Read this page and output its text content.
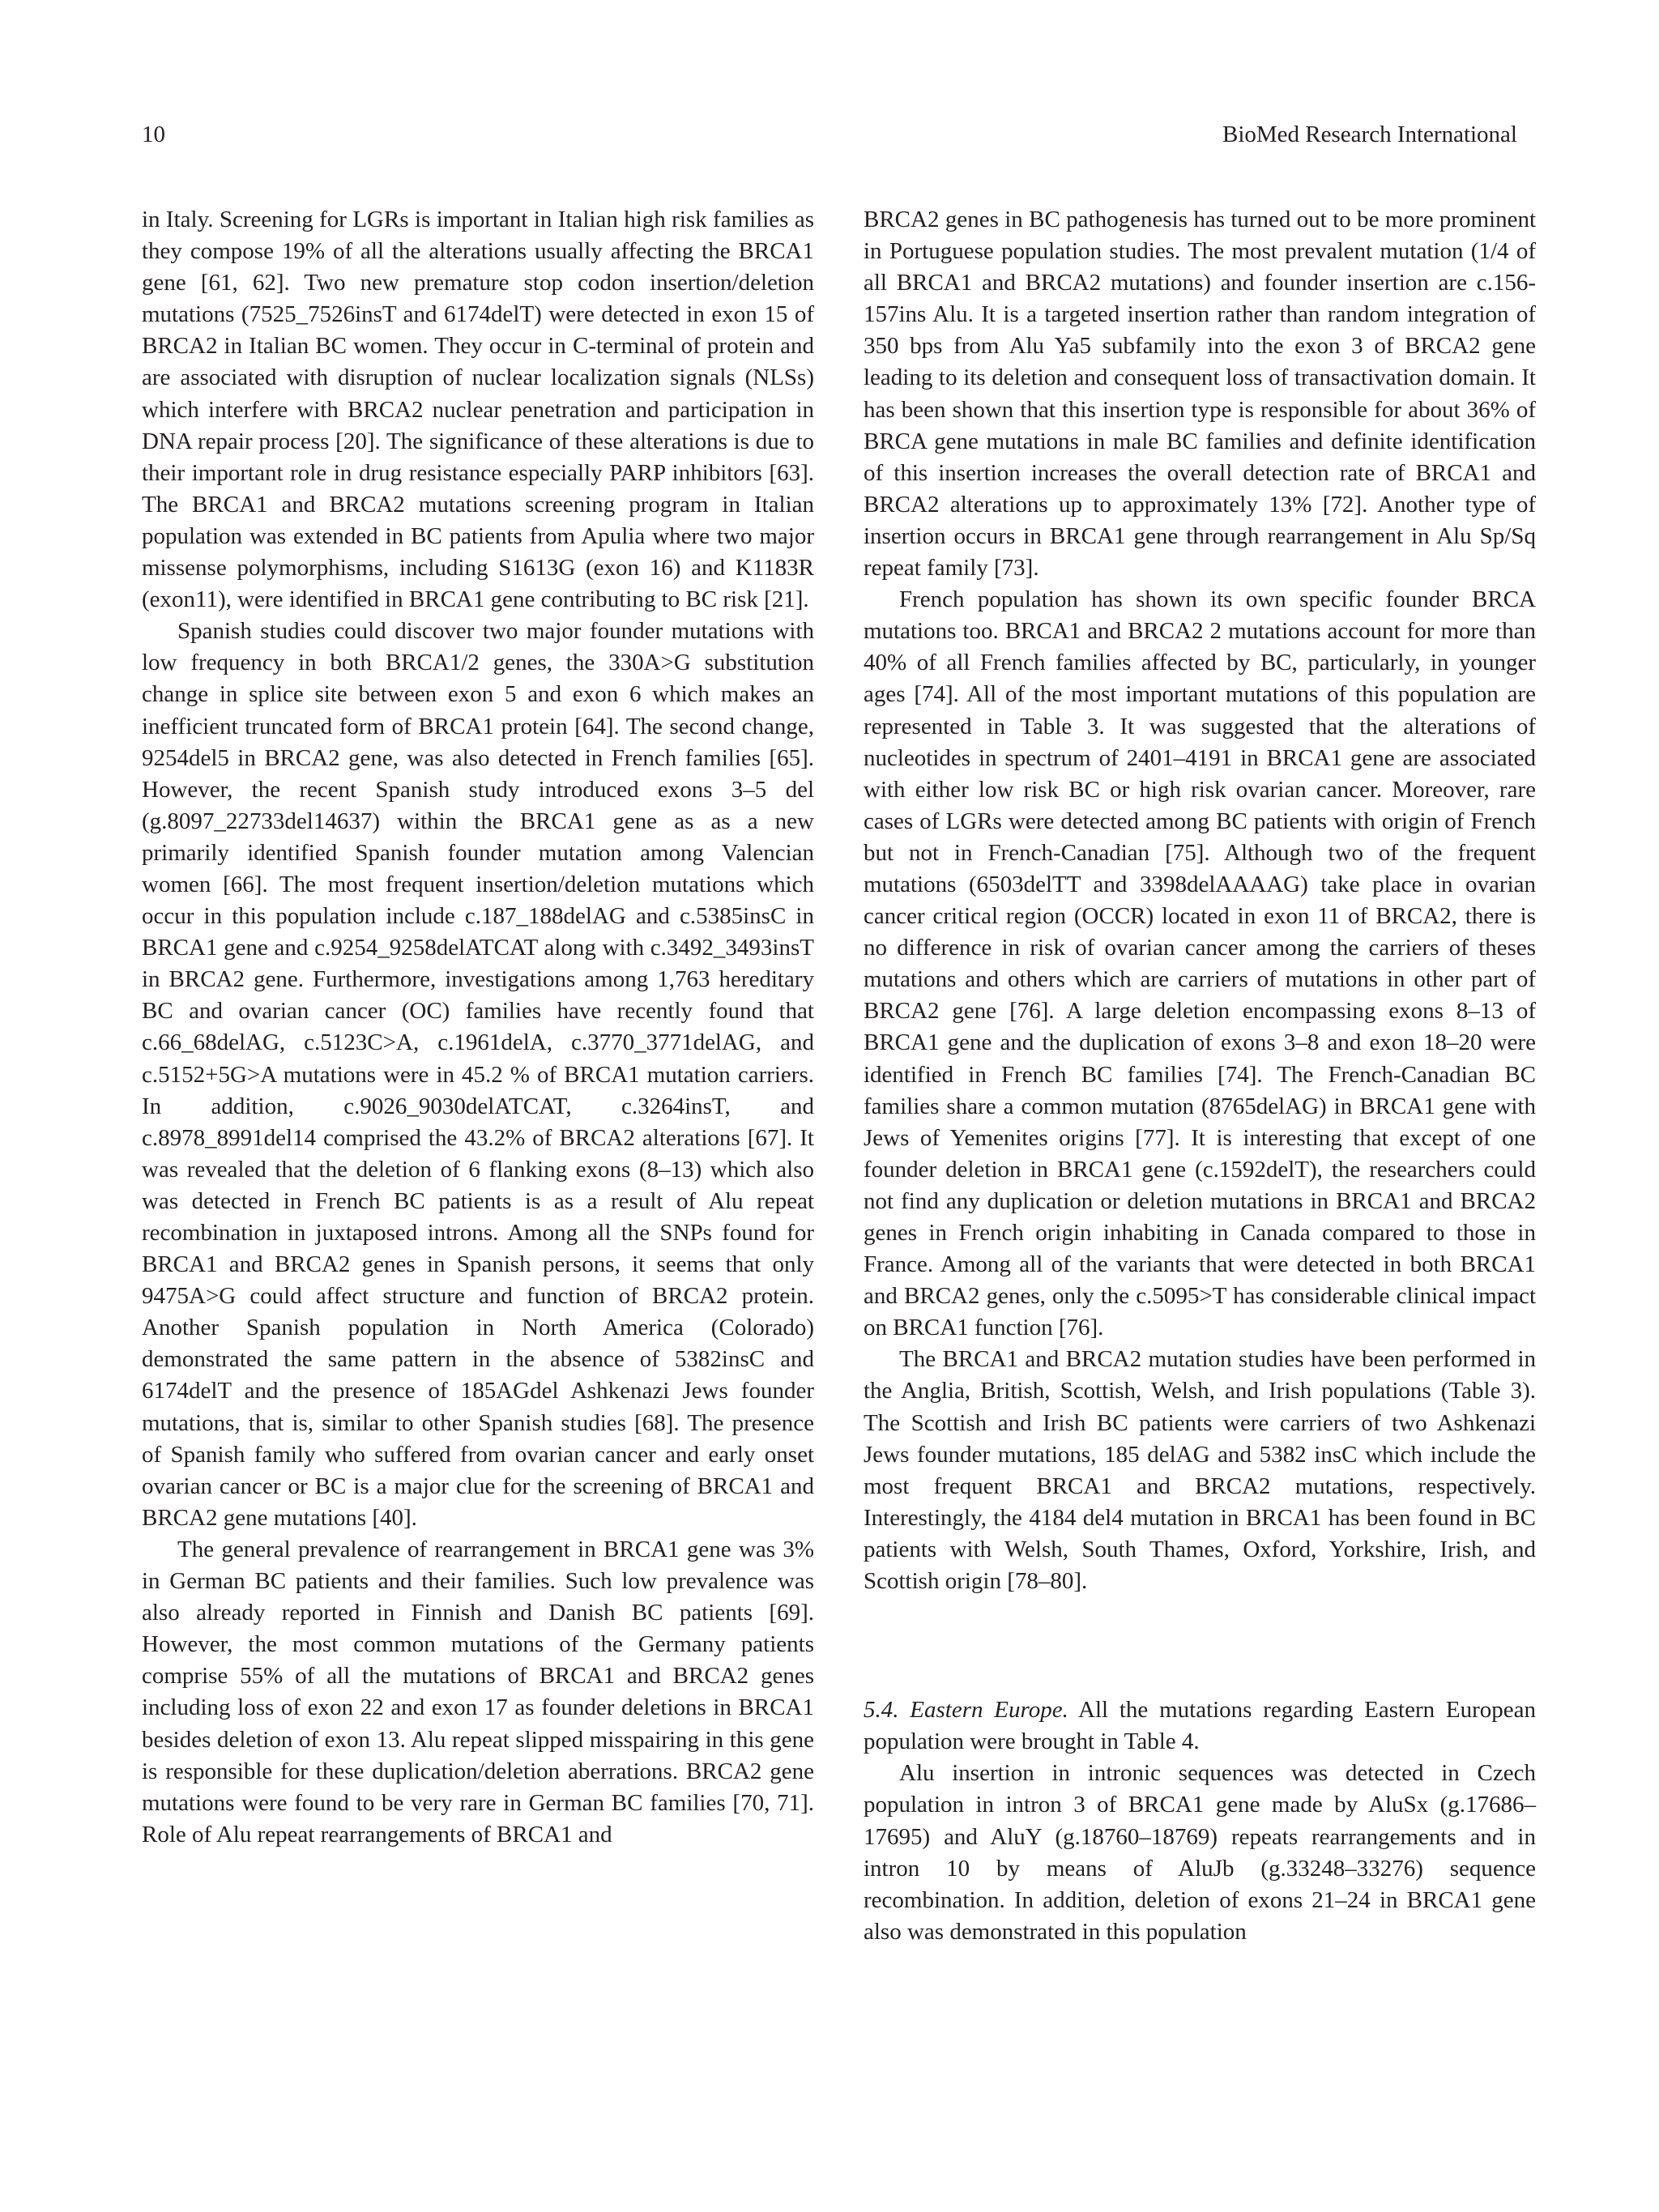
10	BioMed Research International

in Italy. Screening for LGRs is important in Italian high risk families as they compose 19% of all the alterations usually affecting the BRCA1 gene [61, 62]. Two new premature stop codon insertion/deletion mutations (7525_7526insT and 6174delT) were detected in exon 15 of BRCA2 in Italian BC women. They occur in C-terminal of protein and are associated with disruption of nuclear localization signals (NLSs) which interfere with BRCA2 nuclear penetration and participation in DNA repair process [20]. The significance of these alterations is due to their important role in drug resistance especially PARP inhibitors [63]. The BRCA1 and BRCA2 mutations screening program in Italian population was extended in BC patients from Apulia where two major missense polymorphisms, including S1613G (exon 16) and K1183R (exon11), were identified in BRCA1 gene contributing to BC risk [21].

Spanish studies could discover two major founder mutations with low frequency in both BRCA1/2 genes, the 330A>G substitution change in splice site between exon 5 and exon 6 which makes an inefficient truncated form of BRCA1 protein [64]. The second change, 9254del5 in BRCA2 gene, was also detected in French families [65]. However, the recent Spanish study introduced exons 3–5 del (g.8097_22733del14637) within the BRCA1 gene as as a new primarily identified Spanish founder mutation among Valencian women [66]. The most frequent insertion/deletion mutations which occur in this population include c.187_188delAG and c.5385insC in BRCA1 gene and c.9254_9258delATCAT along with c.3492_3493insT in BRCA2 gene. Furthermore, investigations among 1,763 hereditary BC and ovarian cancer (OC) families have recently found that c.66_68delAG, c.5123C>A, c.1961delA, c.3770_3771delAG, and c.5152+5G>A mutations were in 45.2 % of BRCA1 mutation carriers. In addition, c.9026_9030delATCAT, c.3264insT, and c.8978_8991del14 comprised the 43.2% of BRCA2 alterations [67]. It was revealed that the deletion of 6 flanking exons (8–13) which also was detected in French BC patients is as a result of Alu repeat recombination in juxtaposed introns. Among all the SNPs found for BRCA1 and BRCA2 genes in Spanish persons, it seems that only 9475A>G could affect structure and function of BRCA2 protein. Another Spanish population in North America (Colorado) demonstrated the same pattern in the absence of 5382insC and 6174delT and the presence of 185AGdel Ashkenazi Jews founder mutations, that is, similar to other Spanish studies [68]. The presence of Spanish family who suffered from ovarian cancer and early onset ovarian cancer or BC is a major clue for the screening of BRCA1 and BRCA2 gene mutations [40].

The general prevalence of rearrangement in BRCA1 gene was 3% in German BC patients and their families. Such low prevalence was also already reported in Finnish and Danish BC patients [69]. However, the most common mutations of the Germany patients comprise 55% of all the mutations of BRCA1 and BRCA2 genes including loss of exon 22 and exon 17 as founder deletions in BRCA1 besides deletion of exon 13. Alu repeat slipped misspairing in this gene is responsible for these duplication/deletion aberrations. BRCA2 gene mutations were found to be very rare in German BC families [70, 71]. Role of Alu repeat rearrangements of BRCA1 and

BRCA2 genes in BC pathogenesis has turned out to be more prominent in Portuguese population studies. The most prevalent mutation (1/4 of all BRCA1 and BRCA2 mutations) and founder insertion are c.156-157ins Alu. It is a targeted insertion rather than random integration of 350 bps from Alu Ya5 subfamily into the exon 3 of BRCA2 gene leading to its deletion and consequent loss of transactivation domain. It has been shown that this insertion type is responsible for about 36% of BRCA gene mutations in male BC families and definite identification of this insertion increases the overall detection rate of BRCA1 and BRCA2 alterations up to approximately 13% [72]. Another type of insertion occurs in BRCA1 gene through rearrangement in Alu Sp/Sq repeat family [73].

French population has shown its own specific founder BRCA mutations too. BRCA1 and BRCA2 2 mutations account for more than 40% of all French families affected by BC, particularly, in younger ages [74]. All of the most important mutations of this population are represented in Table 3. It was suggested that the alterations of nucleotides in spectrum of 2401–4191 in BRCA1 gene are associated with either low risk BC or high risk ovarian cancer. Moreover, rare cases of LGRs were detected among BC patients with origin of French but not in French-Canadian [75]. Although two of the frequent mutations (6503delTT and 3398delAAAAG) take place in ovarian cancer critical region (OCCR) located in exon 11 of BRCA2, there is no difference in risk of ovarian cancer among the carriers of theses mutations and others which are carriers of mutations in other part of BRCA2 gene [76]. A large deletion encompassing exons 8–13 of BRCA1 gene and the duplication of exons 3–8 and exon 18–20 were identified in French BC families [74]. The French-Canadian BC families share a common mutation (8765delAG) in BRCA1 gene with Jews of Yemenites origins [77]. It is interesting that except of one founder deletion in BRCA1 gene (c.1592delT), the researchers could not find any duplication or deletion mutations in BRCA1 and BRCA2 genes in French origin inhabiting in Canada compared to those in France. Among all of the variants that were detected in both BRCA1 and BRCA2 genes, only the c.5095>T has considerable clinical impact on BRCA1 function [76].

The BRCA1 and BRCA2 mutation studies have been performed in the Anglia, British, Scottish, Welsh, and Irish populations (Table 3). The Scottish and Irish BC patients were carriers of two Ashkenazi Jews founder mutations, 185 delAG and 5382 insC which include the most frequent BRCA1 and BRCA2 mutations, respectively. Interestingly, the 4184 del4 mutation in BRCA1 has been found in BC patients with Welsh, South Thames, Oxford, Yorkshire, Irish, and Scottish origin [78–80].

5.4. Eastern Europe. All the mutations regarding Eastern European population were brought in Table 4.

Alu insertion in intronic sequences was detected in Czech population in intron 3 of BRCA1 gene made by AluSx (g.17686–17695) and AluY (g.18760–18769) repeats rearrangements and in intron 10 by means of AluJb (g.33248–33276) sequence recombination. In addition, deletion of exons 21–24 in BRCA1 gene also was demonstrated in this population
